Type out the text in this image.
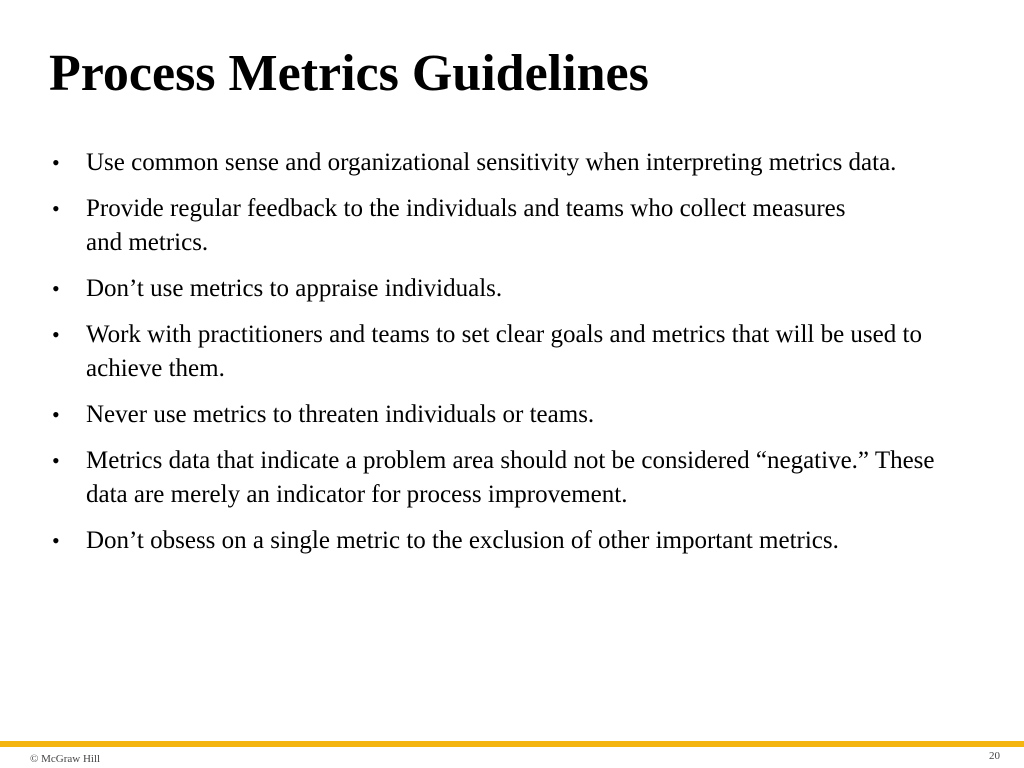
Process Metrics Guidelines
• Use common sense and organizational sensitivity when interpreting metrics data.
• Provide regular feedback to the individuals and teams who collect measures and metrics.
• Don’t use metrics to appraise individuals.
• Work with practitioners and teams to set clear goals and metrics that will be used to achieve them.
• Never use metrics to threaten individuals or teams.
• Metrics data that indicate a problem area should not be considered “negative.” These data are merely an indicator for process improvement.
• Don’t obsess on a single metric to the exclusion of other important metrics.
© McGraw Hill	20
